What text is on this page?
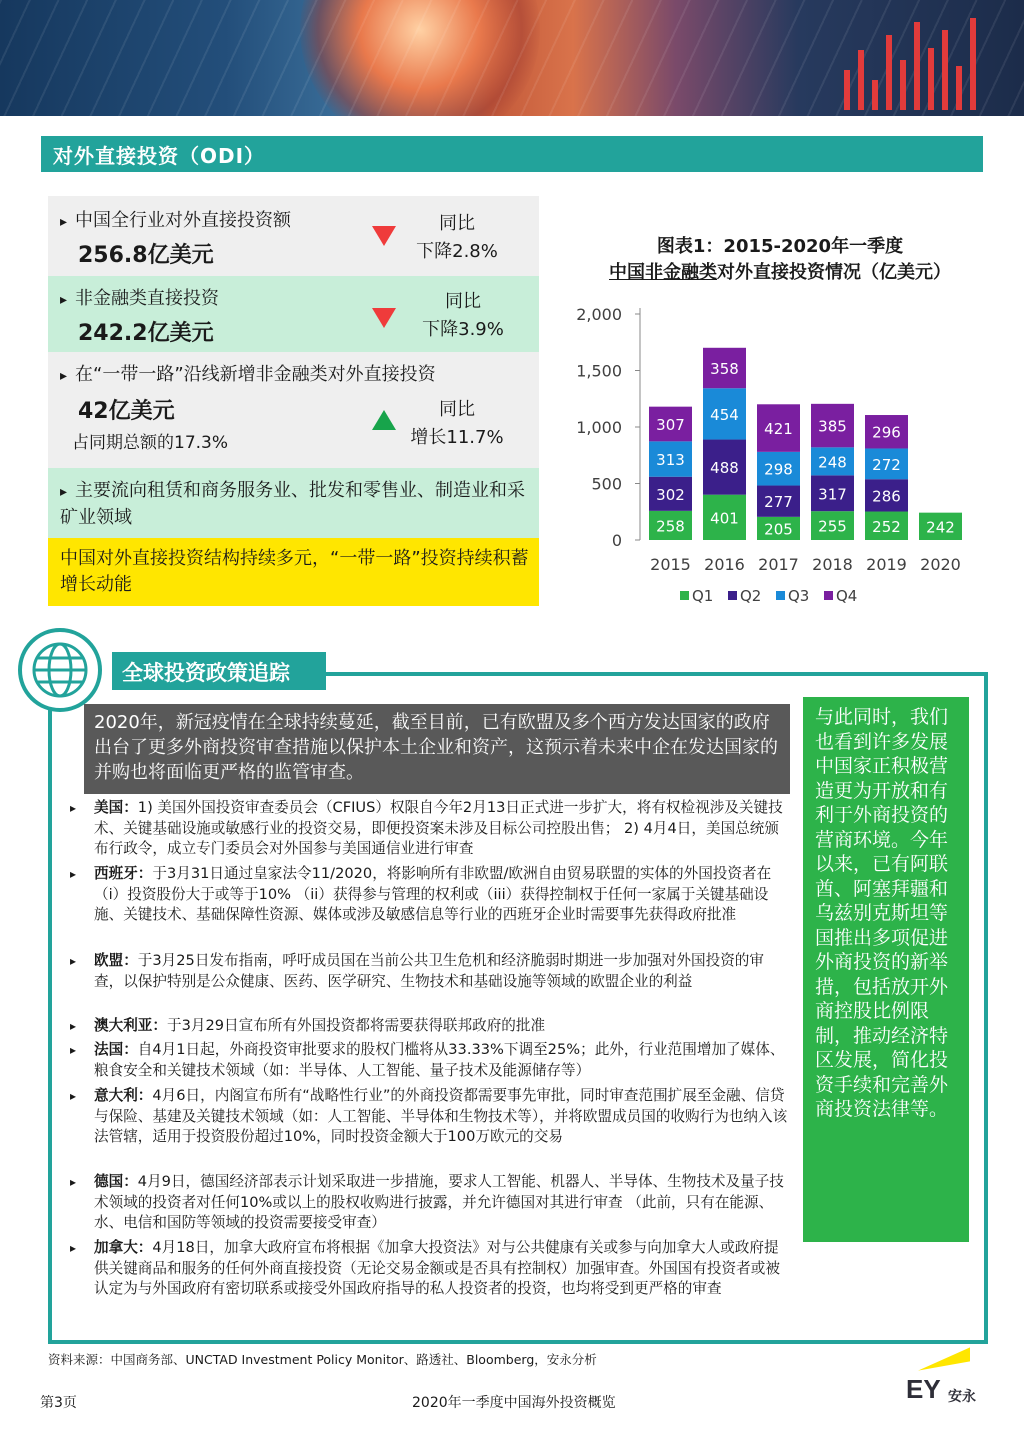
对外直接投资（ODI）
▸ 中国全行业对外直接投资额
256.8亿美元
同比
下降2.8%
▸ 非金融类直接投资
242.2亿美元
同比
下降3.9%
▸ 在“一带一路”沿线新增非金融类对外直接投资
42亿美元
占同期总额的17.3%
同比
增长11.7%
▸ 主要流向租赁和商务服务业、批发和零售业、制造业和采矿业领域
中国对外直接投资结构持续多元，“一带一路”投资持续积蓄增长动能
图表1：2015-2020年一季度
中国非金融类对外直接投资情况（亿美元）
0
500
1,000
1,500
2,000
258
302
313
307
2015
401
488
454
358
2016
205
277
298
421
2017
255
317
248
385
2018
252
286
272
296
2019
242
2020
Q1 Q2 Q3 Q4
全球投资政策追踪
2020年，新冠疫情在全球持续蔓延，截至目前，已有欧盟及多个西方发达国家的政府出台了更多外商投资审查措施以保护本土企业和资产，这预示着未来中企在发达国家的并购也将面临更严格的监管审查。
与此同时，我们也看到许多发展中国家正积极营造更为开放和有利于外商投资的营商环境。今年以来，已有阿联酋、阿塞拜疆和乌兹别克斯坦等国推出多项促进外商投资的新举措，包括放开外商控股比例限制，推动经济特区发展，简化投资手续和完善外商投资法律等。
▸ 美国：1) 美国外国投资审查委员会（CFIUS）权限自今年2月13日正式进一步扩大，将有权检视涉及关键技术、关键基础设施或敏感行业的投资交易，即便投资案未涉及目标公司控股出售； 2) 4月4日，美国总统颁布行政令，成立专门委员会对外国参与美国通信业进行审查
▸ 西班牙：于3月31日通过皇家法令11/2020，将影响所有非欧盟/欧洲自由贸易联盟的实体的外国投资者在（i）投资股份大于或等于10% （ii）获得参与管理的权利或（iii）获得控制权于任何一家属于关键基础设施、关键技术、基础保障性资源、媒体或涉及敏感信息等行业的西班牙企业时需要事先获得政府批准
▸ 欧盟：于3月25日发布指南，呼吁成员国在当前公共卫生危机和经济脆弱时期进一步加强对外国投资的审查，以保护特别是公众健康、医药、医学研究、生物技术和基础设施等领域的欧盟企业的利益
▸ 澳大利亚：于3月29日宣布所有外国投资都将需要获得联邦政府的批准
▸ 法国：自4月1日起，外商投资审批要求的股权门槛将从33.33%下调至25%；此外，行业范围增加了媒体、粮食安全和关键技术领域（如：半导体、人工智能、量子技术及能源储存等）
▸ 意大利：4月6日，内阁宣布所有“战略性行业”的外商投资都需要事先审批，同时审查范围扩展至金融、信贷与保险、基建及关键技术领域（如：人工智能、半导体和生物技术等），并将欧盟成员国的收购行为也纳入该法管辖，适用于投资股份超过10%，同时投资金额大于100万欧元的交易
▸ 德国：4月9日，德国经济部表示计划采取进一步措施，要求人工智能、机器人、半导体、生物技术及量子技术领域的投资者对任何10%或以上的股权收购进行披露，并允许德国对其进行审查 （此前，只有在能源、水、电信和国防等领域的投资需要接受审查）
▸ 加拿大：4月18日，加拿大政府宣布将根据《加拿大投资法》对与公共健康有关或参与向加拿大人或政府提供关键商品和服务的任何外商直接投资（无论交易金额或是否具有控制权）加强审查。外国国有投资者或被认定为与外国政府有密切联系或接受外国政府指导的私人投资者的投资，也均将受到更严格的审查
资料来源：中国商务部、UNCTAD Investment Policy Monitor、路透社、Bloomberg，安永分析
第3页	2020年一季度中国海外投资概览	EY 安永
